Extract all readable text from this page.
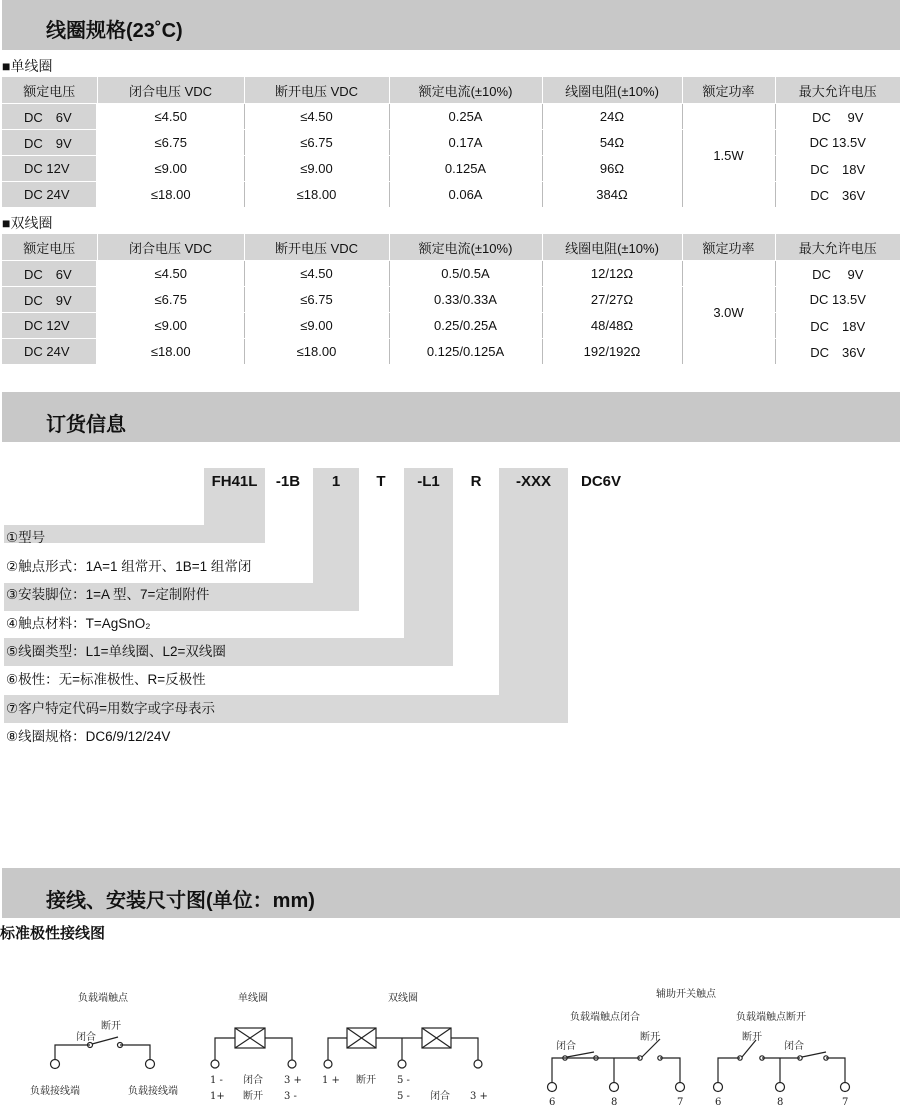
线圈规格(23˚C)
■单线圈
额定电压	闭合电压 VDC	断开电压 VDC	额定电流(±10%)	线圈电阻(±10%)	额定功率	最大允许电压
DC　6V	≤4.50	≤4.50	0.25A	24Ω	1.5W	DC　 9V
DC　9V	≤6.75	≤6.75	0.17A	54Ω		DC 13.5V
DC 12V	≤9.00	≤9.00	0.125A	96Ω		DC　18V
DC 24V	≤18.00	≤18.00	0.06A	384Ω		DC　36V
■双线圈
额定电压	闭合电压 VDC	断开电压 VDC	额定电流(±10%)	线圈电阻(±10%)	额定功率	最大允许电压
DC　6V	≤4.50	≤4.50	0.5/0.5A	12/12Ω	3.0W	DC　 9V
DC　9V	≤6.75	≤6.75	0.33/0.33A	27/27Ω		DC 13.5V
DC 12V	≤9.00	≤9.00	0.25/0.25A	48/48Ω		DC　18V
DC 24V	≤18.00	≤18.00	0.125/0.125A	192/192Ω		DC　36V
订货信息
FH41L	-1B	1	T	-L1	R	-XXX	DC6V
①型号
②触点形式：1A=1 组常开、1B=1 组常闭
③安装脚位：1=A 型、7=定制附件
④触点材料：T=AgSnO₂
⑤线圈类型：L1=单线圈、L2=双线圈
⑥极性：无=标准极性、R=反极性
⑦客户特定代码=用数字或字母表示
⑧线圈规格：DC6/9/12/24V
接线、安装尺寸图(单位：mm)
标准极性接线图
负载端触点
闭合
断开
负载接线端	负载接线端
单线圈
1 -
1+
闭合
断开
3 +
3 -
双线圈
1 + 断开 5 -
5 - 闭合 3 +
辅助开关触点
负载端触点闭合	负载端触点断开
闭合
断开
6	8	7
断开
闭合
6	8	7
